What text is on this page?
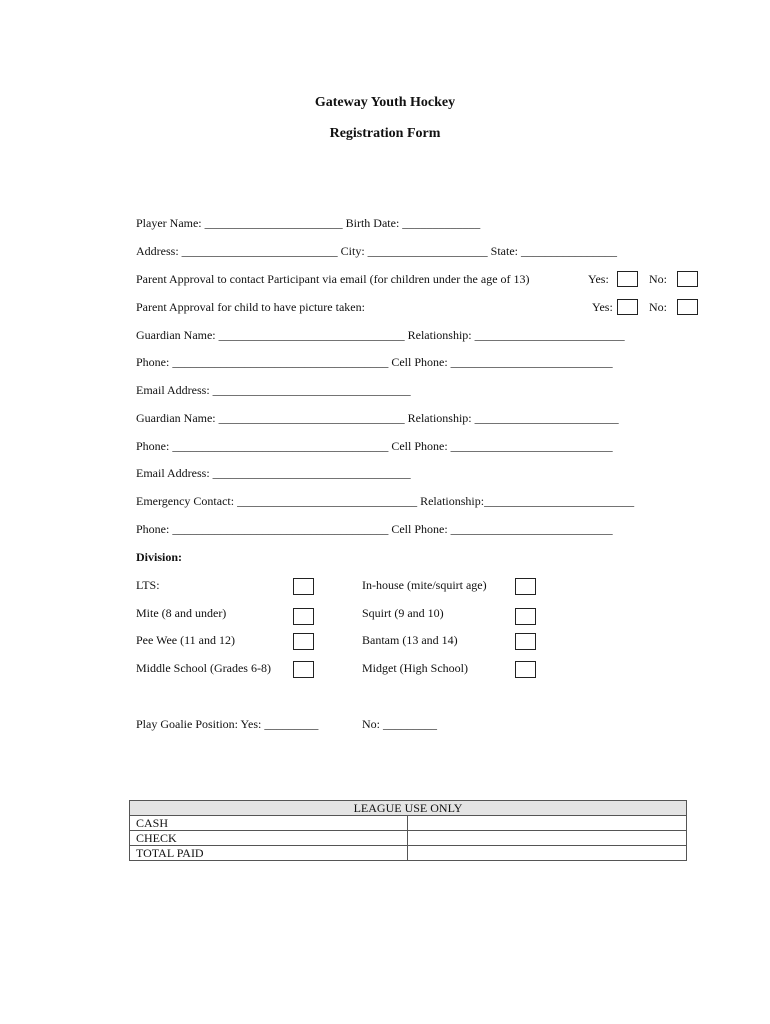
Gateway Youth Hockey
Registration Form
Player Name: _______________________ Birth Date: _____________
Address: __________________________ City: ____________________ State: ________________
Parent Approval to contact Participant via email (for children under the age of 13)	Yes:	No:
Parent Approval for child to have picture taken:	Yes:	No:
Guardian Name: _______________________________ Relationship: _________________________
Phone: ____________________________________ Cell Phone: ___________________________
Email Address: _________________________________
Guardian Name: _______________________________ Relationship: ________________________
Phone: ____________________________________ Cell Phone: ___________________________
Email Address: _________________________________
Emergency Contact: ______________________________ Relationship:_________________________
Phone: ____________________________________ Cell Phone: ___________________________
Division:
LTS:	In-house (mite/squirt age)
Mite (8 and under)	Squirt (9 and 10)
Pee Wee (11 and 12)	Bantam (13 and 14)
Middle School (Grades 6-8)	Midget (High School)
Play Goalie Position: Yes: _________	No: _________
LEAGUE USE ONLY	
CASH	
CHECK	
TOTAL PAID	
